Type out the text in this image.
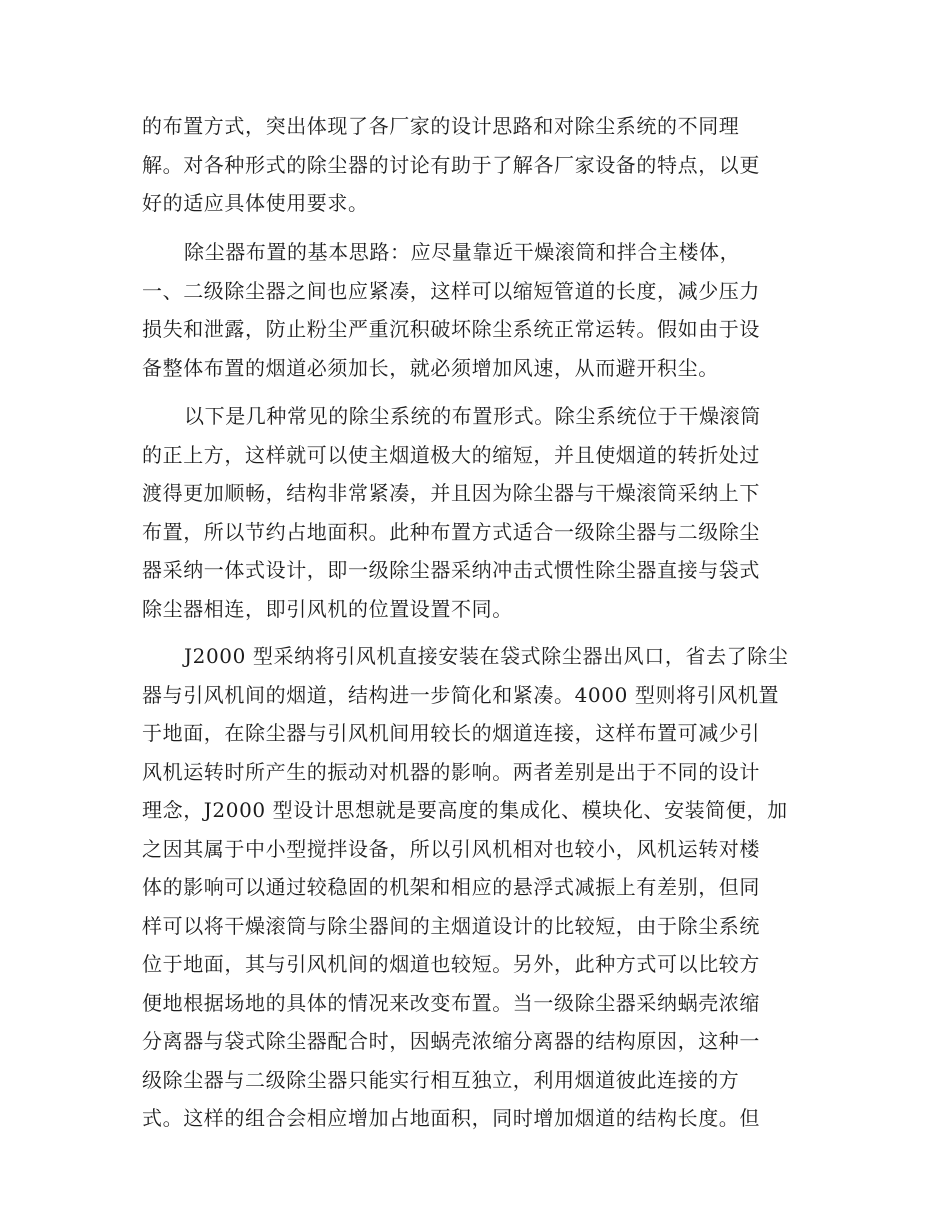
的布置方式，突出体现了各厂家的设计思路和对除尘系统的不同理
解。对各种形式的除尘器的讨论有助于了解各厂家设备的特点，以更
好的适应具体使用要求。
除尘器布置的基本思路：应尽量靠近干燥滚筒和拌合主楼体，
一、二级除尘器之间也应紧凑，这样可以缩短管道的长度，减少压力
损失和泄露，防止粉尘严重沉积破坏除尘系统正常运转。假如由于设
备整体布置的烟道必须加长，就必须增加风速，从而避开积尘。
以下是几种常见的除尘系统的布置形式。除尘系统位于干燥滚筒
的正上方，这样就可以使主烟道极大的缩短，并且使烟道的转折处过
渡得更加顺畅，结构非常紧凑，并且因为除尘器与干燥滚筒采纳上下
布置，所以节约占地面积。此种布置方式适合一级除尘器与二级除尘
器采纳一体式设计，即一级除尘器采纳冲击式惯性除尘器直接与袋式
除尘器相连，即引风机的位置设置不同。
J2000 型采纳将引风机直接安装在袋式除尘器出风口，省去了除尘
器与引风机间的烟道，结构进一步简化和紧凑。4000 型则将引风机置
于地面，在除尘器与引风机间用较长的烟道连接，这样布置可减少引
风机运转时所产生的振动对机器的影响。两者差别是出于不同的设计
理念，J2000 型设计思想就是要高度的集成化、模块化、安装简便，加
之因其属于中小型搅拌设备，所以引风机相对也较小，风机运转对楼
体的影响可以通过较稳固的机架和相应的悬浮式减振上有差别，但同
样可以将干燥滚筒与除尘器间的主烟道设计的比较短，由于除尘系统
位于地面，其与引风机间的烟道也较短。另外，此种方式可以比较方
便地根据场地的具体的情况来改变布置。当一级除尘器采纳蜗壳浓缩
分离器与袋式除尘器配合时，因蜗壳浓缩分离器的结构原因，这种一
级除尘器与二级除尘器只能实行相互独立，利用烟道彼此连接的方
式。这样的组合会相应增加占地面积，同时增加烟道的结构长度。但
